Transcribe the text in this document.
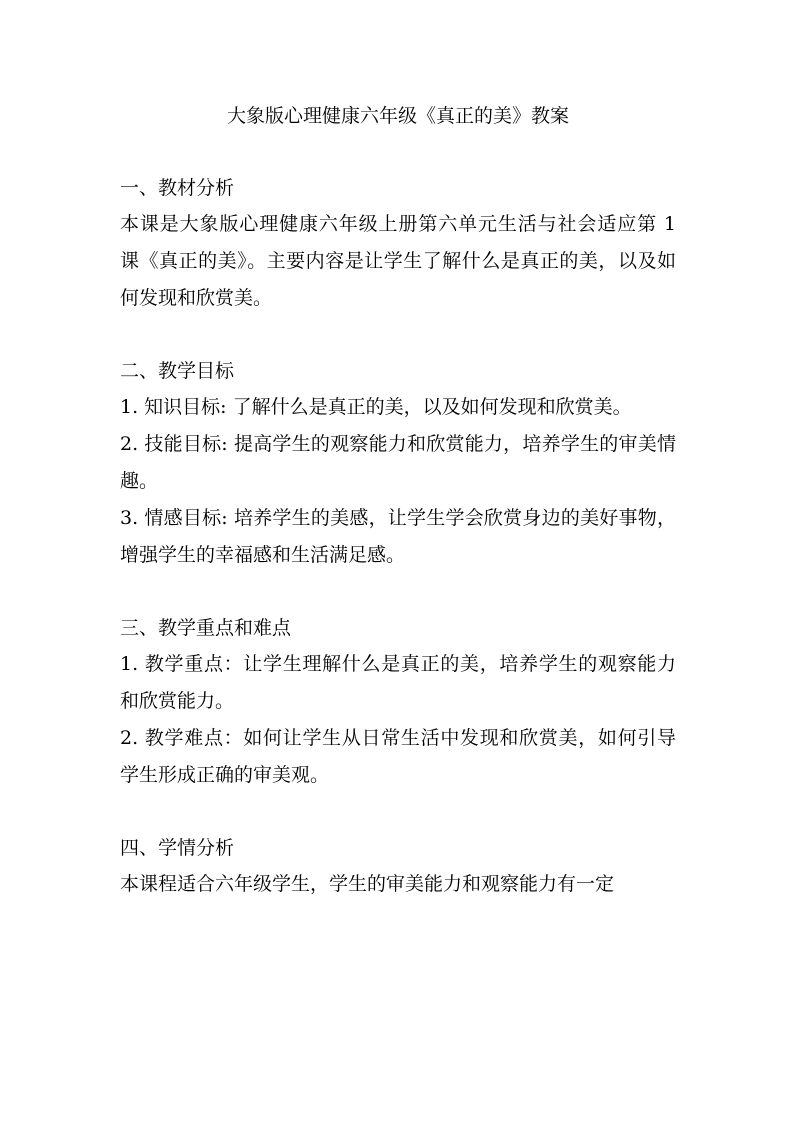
大象版心理健康六年级《真正的美》教案
一、教材分析

本课是大象版心理健康六年级上册第六单元生活与社会适应第 1 课《真正的美》。主要内容是让学生了解什么是真正的美，以及如何发现和欣赏美。

二、教学目标

1. 知识目标: 了解什么是真正的美，以及如何发现和欣赏美。

2. 技能目标: 提高学生的观察能力和欣赏能力，培养学生的审美情趣。

3. 情感目标: 培养学生的美感，让学生学会欣赏身边的美好事物，增强学生的幸福感和生活满足感。

三、教学重点和难点

1. 教学重点：让学生理解什么是真正的美，培养学生的观察能力和欣赏能力。

2. 教学难点：如何让学生从日常生活中发现和欣赏美，如何引导学生形成正确的审美观。

四、学情分析

本课程适合六年级学生，学生的审美能力和观察能力有一定
